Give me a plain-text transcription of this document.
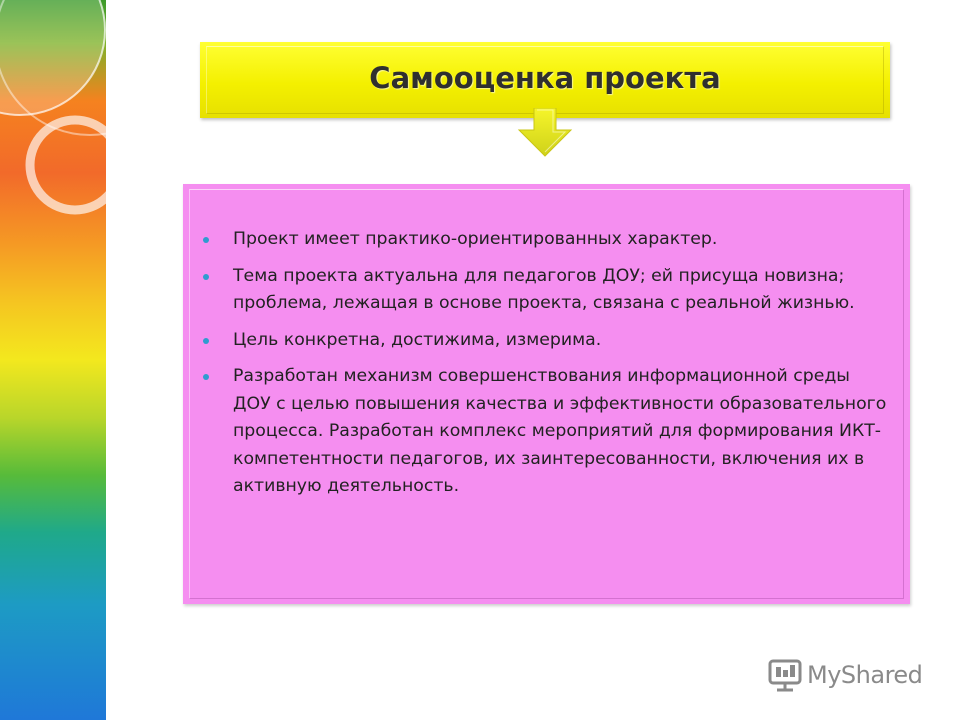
Самооценка проекта
Проект имеет практико-ориентированных характер.
Тема проекта актуальна для педагогов ДОУ; ей присуща новизна; проблема, лежащая в основе проекта, связана с реальной жизнью.
Цель конкретна, достижима, измерима.
Разработан механизм совершенствования информационной среды ДОУ с целью повышения качества и эффективности образовательного процесса. Разработан комплекс мероприятий для формирования ИКТ-компетентности педагогов, их заинтересованности, включения их в активную деятельность.
MyShared
